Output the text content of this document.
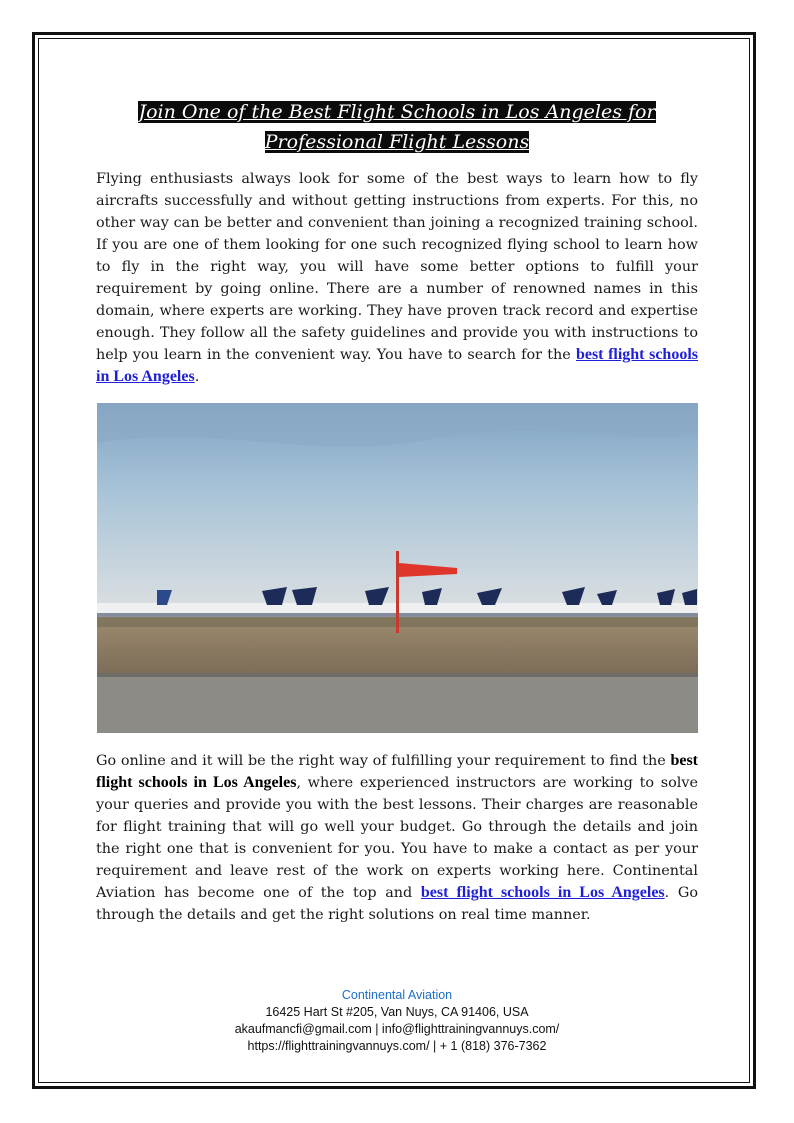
Join One of the Best Flight Schools in Los Angeles for
Professional Flight Lessons

Flying enthusiasts always look for some of the best ways to learn how to fly aircrafts successfully and without getting instructions from experts. For this, no other way can be better and convenient than joining a recognized training school. If you are one of them looking for one such recognized flying school to learn how to fly in the right way, you will have some better options to fulfill your requirement by going online. There are a number of renowned names in this domain, where experts are working. They have proven track record and expertise enough. They follow all the safety guidelines and provide you with instructions to help you learn in the convenient way. You have to search for the best flight schools in Los Angeles.

Go online and it will be the right way of fulfilling your requirement to find the best flight schools in Los Angeles, where experienced instructors are working to solve your queries and provide you with the best lessons. Their charges are reasonable for flight training that will go well your budget. Go through the details and join the right one that is convenient for you. You have to make a contact as per your requirement and leave rest of the work on experts working here. Continental Aviation has become one of the top and best flight schools in Los Angeles. Go through the details and get the right solutions on real time manner.

Continental Aviation
16425 Hart St #205, Van Nuys, CA 91406, USA
akaufmancfi@gmail.com | info@flighttrainingvannuys.com/
https://flighttrainingvannuys.com/ | + 1 (818) 376-7362
